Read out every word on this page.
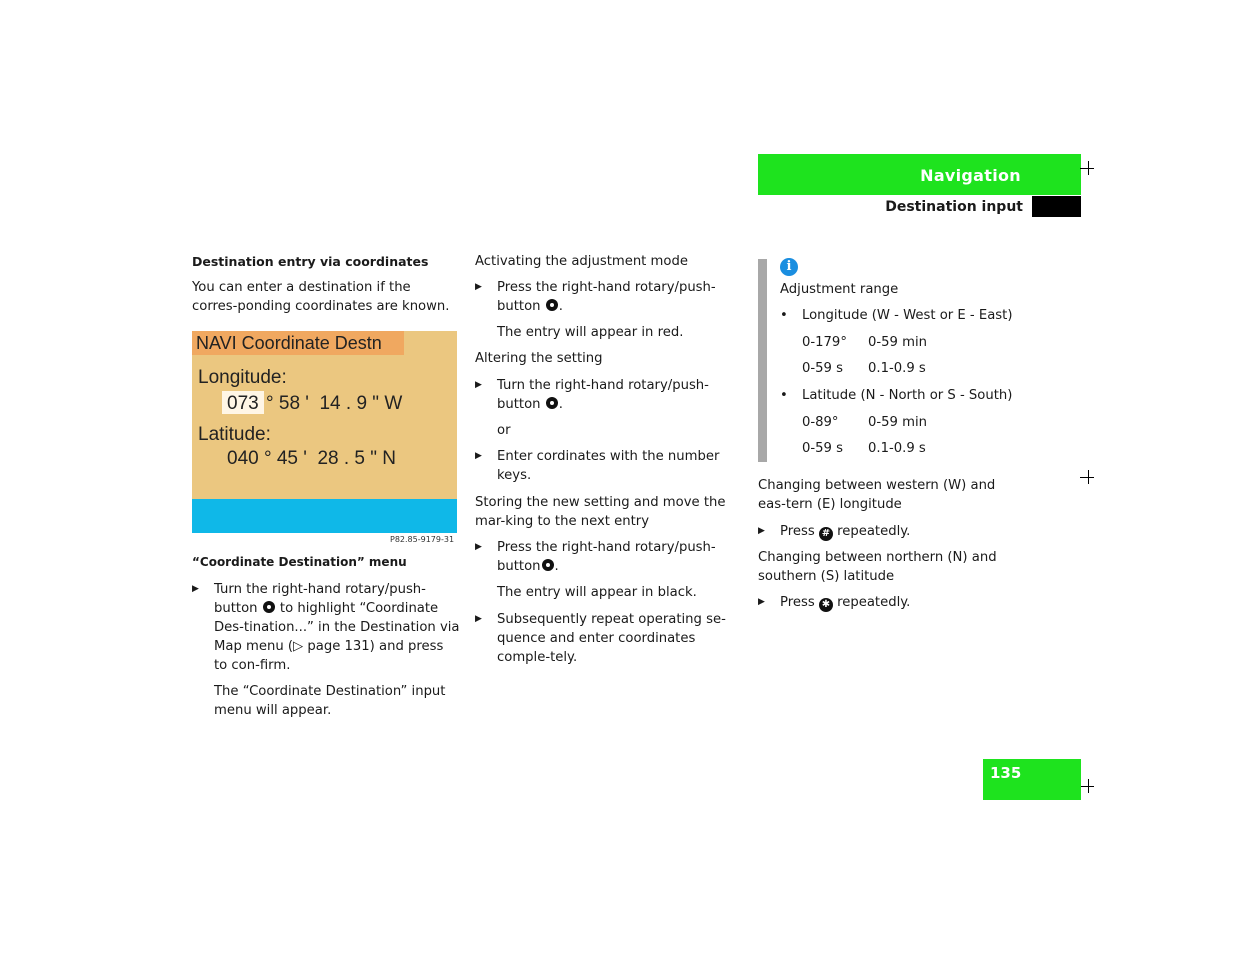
Navigation
Destination input

Destination entry via coordinates

You can enter a destination if the corres-ponding coordinates are known.

NAVI Coordinate Destn
Longitude:
073 ° 58 '  14 . 9 " W
Latitude:
040 ° 45 '  28 . 5 " N
P82.85-9179-31

“Coordinate Destination” menu

▶ Turn the right-hand rotary/push-button to highlight “Coordinate Des-tination...” in the Destination via Map menu (▷ page 131) and press to con-firm.

The “Coordinate Destination” input menu will appear.

Activating the adjustment mode

▶ Press the right-hand rotary/push-button .

The entry will appear in red.

Altering the setting

▶ Turn the right-hand rotary/push-button .

or

▶ Enter cordinates with the number keys.

Storing the new setting and move the mar-king to the next entry

▶ Press the right-hand rotary/push-button .

The entry will appear in black.

▶ Subsequently repeat operating se-quence and enter coordinates comple-tely.
i

Adjustment range

• Longitude (W - West or E - East)
0-179° 0-59 min
0-59 s 0.1-0.9 s
• Latitude (N - North or S - South)
0-89° 0-59 min
0-59 s 0.1-0.9 s

Changing between western (W) and eas-tern (E) longitude

▶ Press # repeatedly.

Changing between northern (N) and southern (S) latitude

▶ Press ✱ repeatedly.
135
